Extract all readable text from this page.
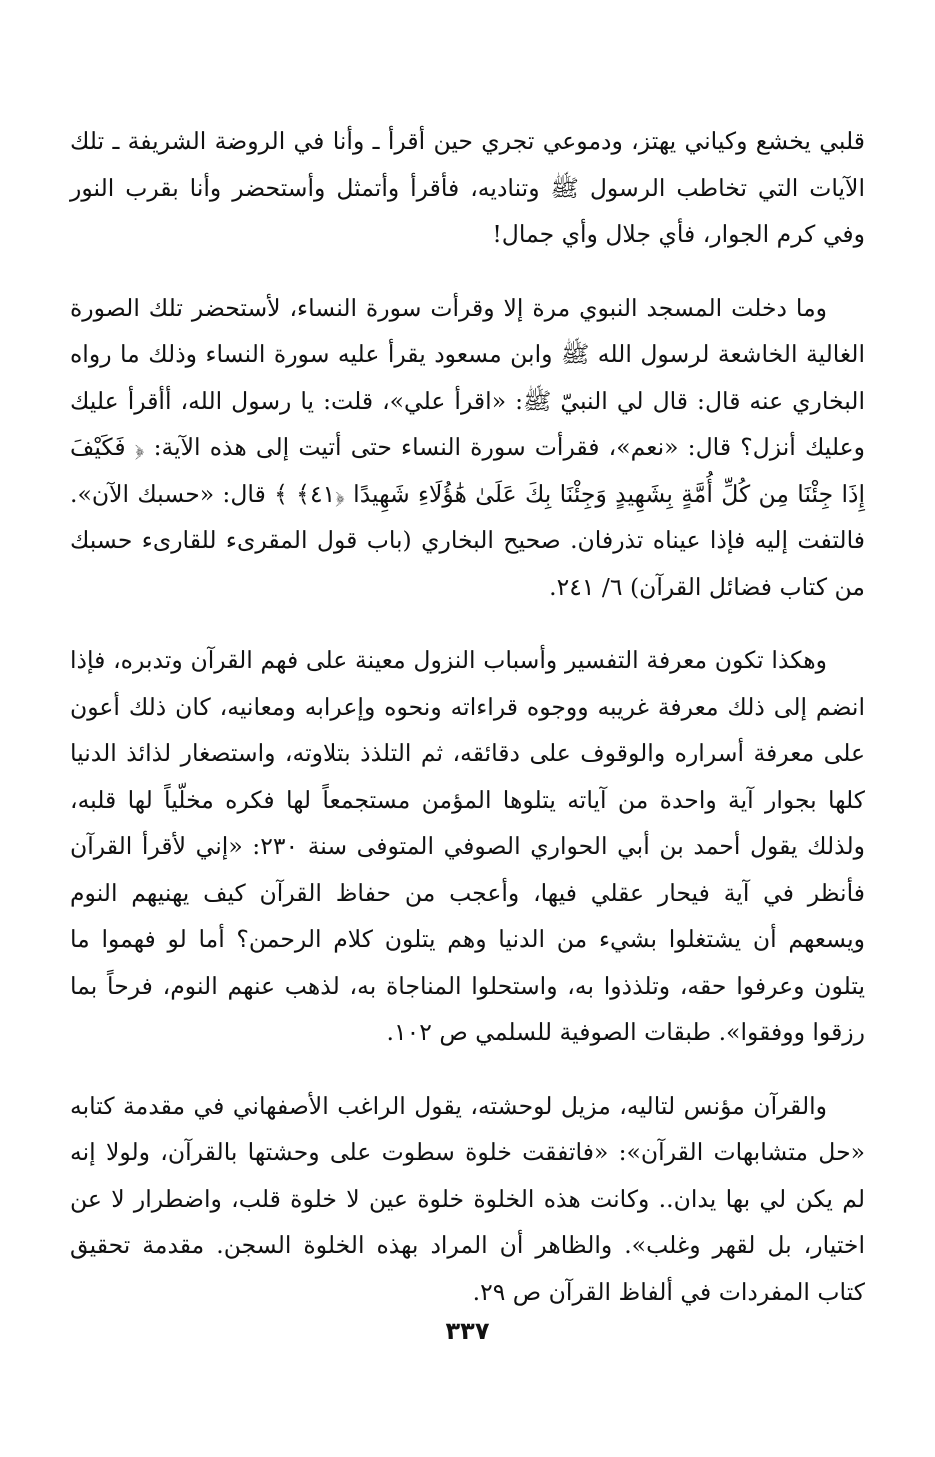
قلبي يخشع وكياني يهتز، ودموعي تجري حين أقرأ ـ وأنا في الروضة الشريفة ـ تلك الآيات التي تخاطب الرسول ﷺ وتناديه، فأقرأ وأتمثل وأستحضر وأنا بقرب النور وفي كرم الجوار، فأي جلال وأي جمال!

وما دخلت المسجد النبوي مرة إلا وقرأت سورة النساء، لأستحضر تلك الصورة الغالية الخاشعة لرسول الله ﷺ وابن مسعود يقرأ عليه سورة النساء وذلك ما رواه البخاري عنه قال: قال لي النبيّ ﷺ: «اقرأ علي»، قلت: يا رسول الله، أأقرأ عليك وعليك أنزل؟ قال: «نعم»، فقرأت سورة النساء حتى أتيت إلى هذه الآية: ﴿ فَكَيْفَ إِذَا جِئْنَا مِن كُلِّ أُمَّةٍ بِشَهِيدٍ وَجِئْنَا بِكَ عَلَىٰ هَٰؤُلَاءِ شَهِيدًا ﴿٤١﴾ ﴾ قال: «حسبك الآن». فالتفت إليه فإذا عيناه تذرفان. صحيح البخاري (باب قول المقرىء للقارىء حسبك من كتاب فضائل القرآن) ٦/ ٢٤١.

وهكذا تكون معرفة التفسير وأسباب النزول معينة على فهم القرآن وتدبره، فإذا انضم إلى ذلك معرفة غريبه ووجوه قراءاته ونحوه وإعرابه ومعانيه، كان ذلك أعون على معرفة أسراره والوقوف على دقائقه، ثم التلذذ بتلاوته، واستصغار لذائذ الدنيا كلها بجوار آية واحدة من آياته يتلوها المؤمن مستجمعاً لها فكره مخلّياً لها قلبه، ولذلك يقول أحمد بن أبي الحواري الصوفي المتوفى سنة ٢٣٠: «إني لأقرأ القرآن فأنظر في آية فيحار عقلي فيها، وأعجب من حفاظ القرآن كيف يهنيهم النوم ويسعهم أن يشتغلوا بشيء من الدنيا وهم يتلون كلام الرحمن؟ أما لو فهموا ما يتلون وعرفوا حقه، وتلذذوا به، واستحلوا المناجاة به، لذهب عنهم النوم، فرحاً بما رزقوا ووفقوا». طبقات الصوفية للسلمي ص ١٠٢.

والقرآن مؤنس لتاليه، مزيل لوحشته، يقول الراغب الأصفهاني في مقدمة كتابه «حل متشابهات القرآن»: «فاتفقت خلوة سطوت على وحشتها بالقرآن، ولولا إنه لم يكن لي بها يدان.. وكانت هذه الخلوة خلوة عين لا خلوة قلب، واضطرار لا عن اختيار، بل لقهر وغلب». والظاهر أن المراد بهذه الخلوة السجن. مقدمة تحقيق كتاب المفردات في ألفاظ القرآن ص ٢٩.

٣٣٧
